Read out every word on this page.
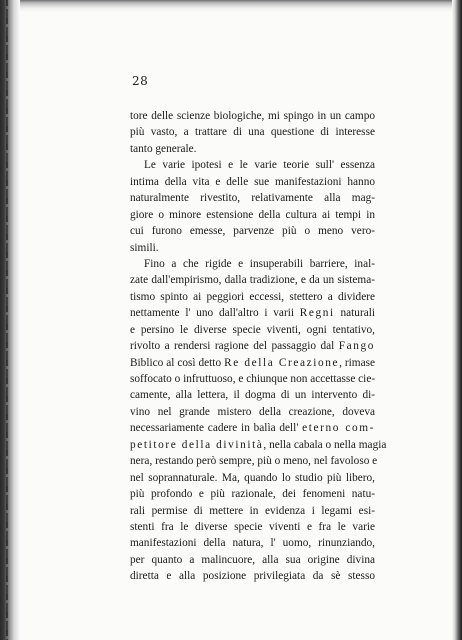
28
tore delle scienze biologiche, mi spingo in un campo
più vasto, a trattare di una questione di interesse
tanto generale.
Le varie ipotesi e le varie teorie sull' essenza
intima della vita e delle sue manifestazioni hanno
naturalmente rivestito, relativamente alla mag-
giore o minore estensione della cultura ai tempi in
cui furono emesse, parvenze più o meno vero-
simili.
Fino a che rigide e insuperabili barriere, inal-
zate dall'empirismo, dalla tradizione, e da un sistema-
tismo spinto ai peggiori eccessi, stettero a dividere
nettamente l' uno dall'altro i varii Regni naturali
e persino le diverse specie viventi, ogni tentativo,
rivolto a rendersi ragione del passaggio dal Fango
Biblico al così detto Re della Creazione, rimase
soffocato o infruttuoso, e chiunque non accettasse cie-
camente, alla lettera, il dogma di un intervento di-
vino nel grande mistero della creazione, doveva
necessariamente cadere in balìa dell' eterno com-
petitore della divinità, nella cabala o nella magia
nera, restando però sempre, più o meno, nel favoloso e
nel soprannaturale. Ma, quando lo studio più libero,
più profondo e più razionale, dei fenomeni natu-
rali permise di mettere in evidenza i legami esi-
stenti fra le diverse specie viventi e fra le varie
manifestazioni della natura, l' uomo, rinunziando,
per quanto a malincuore, alla sua origine divina
diretta e alla posizione privilegiata da sè stesso
